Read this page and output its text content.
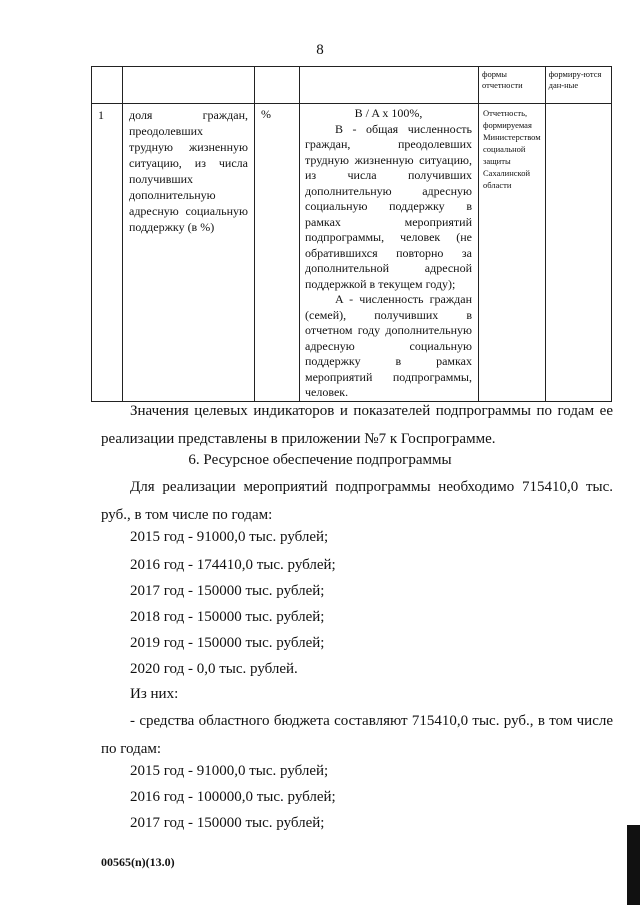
8

				формы отчетности	формиру-ются дан-ные

1	доля граждан, преодолевших трудную жизненную ситуацию, из числа получивших дополнительную адресную социальную поддержку (в %)	%	B / A x 100%,

B - общая численность граждан, преодолевших трудную жизненную ситуацию, из числа получивших дополнительную адресную социальную поддержку в рамках мероприятий подпрограммы, человек (не обратившихся повторно за дополнительной адресной поддержкой в текущем году);

A - численность граждан (семей), получивших в отчетном году дополнительную адресную социальную поддержку в рамках мероприятий подпрограммы, человек.	Отчетность, формируемая Министерством социальной защиты Сахалинской области	

Значения целевых индикаторов и показателей подпрограммы по годам ее реализации представлены в приложении №7 к Госпрограмме.
6. Ресурсное обеспечение подпрограммы
Для реализации мероприятий подпрограммы необходимо 715410,0 тыс. руб., в том числе по годам:
2015 год - 91000,0 тыс. рублей;
2016 год - 174410,0 тыс. рублей;
2017 год - 150000 тыс. рублей;
2018 год - 150000 тыс. рублей;
2019 год - 150000 тыс. рублей;
2020 год - 0,0 тыс. рублей.
Из них:
- средства областного бюджета составляют 715410,0 тыс. руб., в том числе по годам:
2015 год - 91000,0 тыс. рублей;
2016 год - 100000,0 тыс. рублей;
2017 год - 150000 тыс. рублей;
00565(n)(13.0)
